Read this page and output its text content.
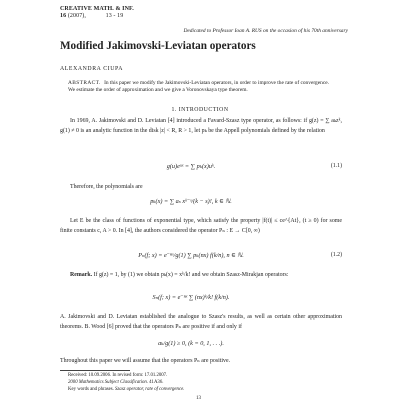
CREATIVE MATH. & INF.
16 (2007),	13 - 19
Dedicated to Professor Ioan A. RUS on the occasion of his 70th anniversary
Modified Jakimovski-Leviatan operators
ALEXANDRA CIUPA
ABSTRACT. In this paper we modify the Jakimovski-Leviatan operators, in order to improve the rate of convergence. We estimate the order of approximation and we give a Voronovskaya type theorem.
1. INTRODUCTION
In 1969, A. Jakimovski and D. Leviatan [4] introduced a Favard-Szasz type operator, as follows: if g(z) = ∑ aₖzᵏ, g(1) ≠ 0 is an analytic function in the disk |z| < R, R > 1, let pₖ be the Appell polynomials defined by the relation
g(u)eᵘˣ = ∑ pₖ(x)uᵏ.	(1.1)
Therefore, the polynomials are
pₖ(x) = ∑ aₛ xᵏ⁻ˢ/(k − s)!, k ∈ ℕ.
Let E be the class of functions of exponential type, which satisfy the property |f(t)| ≤ ce^{At}, (t ≥ 0) for some finite constants c, A > 0. In [4], the authors considered the operator Pₙ : E → C[0, ∞)
Pₙ(f; x) = e⁻ⁿˣ/g(1) ∑ pₖ(nx) f(k/n), n ∈ ℕ.	(1.2)
Remark. If g(z) = 1, by (1) we obtain pₖ(x) = xᵏ/k! and we obtain Szasz-Mirakjan operators:
Sₙ(f; x) = e⁻ⁿˣ ∑ (nx)ᵏ/k! f(k/n).
A. Jakimovski and D. Leviatan established the analogue to Szasz's results, as well as certain other approximation theorems. B. Wood [6] proved that the operators Pₙ are positive if and only if
aₖ/g(1) ≥ 0, (k = 0, 1, . . .).
Throughout this paper we will assume that the operators Pₙ are positive.
Received: 10.09.2006. In revised form: 17.01.2007.
2000 Mathematics Subject Classification. 41A36.
Key words and phrases. Szasz operator, rate of convergence.
13
